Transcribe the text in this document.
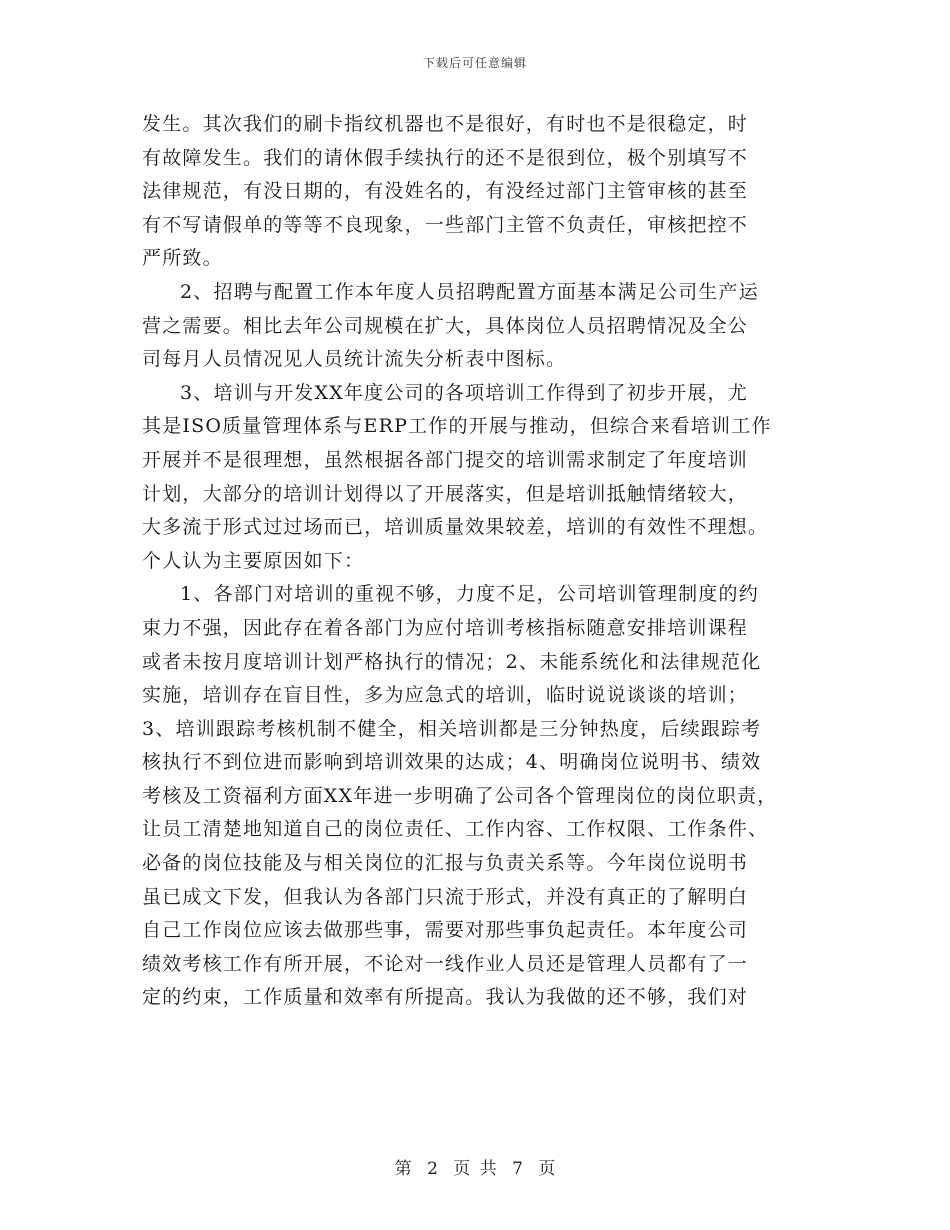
下载后可任意编辑
发生。其次我们的刷卡指纹机器也不是很好，有时也不是很稳定，时
有故障发生。我们的请休假手续执行的还不是很到位，极个别填写不
法律规范，有没日期的，有没姓名的，有没经过部门主管审核的甚至
有不写请假单的等等不良现象，一些部门主管不负责任，审核把控不
严所致。
2、招聘与配置工作本年度人员招聘配置方面基本满足公司生产运
营之需要。相比去年公司规模在扩大，具体岗位人员招聘情况及全公
司每月人员情况见人员统计流失分析表中图标。
3、培训与开发XX年度公司的各项培训工作得到了初步开展，尤
其是ISO质量管理体系与ERP工作的开展与推动，但综合来看培训工作
开展并不是很理想，虽然根据各部门提交的培训需求制定了年度培训
计划，大部分的培训计划得以了开展落实，但是培训抵触情绪较大，
大多流于形式过过场而已，培训质量效果较差，培训的有效性不理想。
个人认为主要原因如下：
1、各部门对培训的重视不够，力度不足，公司培训管理制度的约
束力不强，因此存在着各部门为应付培训考核指标随意安排培训课程
或者未按月度培训计划严格执行的情况；2、未能系统化和法律规范化
实施，培训存在盲目性，多为应急式的培训，临时说说谈谈的培训；
3、培训跟踪考核机制不健全，相关培训都是三分钟热度，后续跟踪考
核执行不到位进而影响到培训效果的达成；4、明确岗位说明书、绩效
考核及工资福利方面XX年进一步明确了公司各个管理岗位的岗位职责，
让员工清楚地知道自己的岗位责任、工作内容、工作权限、工作条件、
必备的岗位技能及与相关岗位的汇报与负责关系等。今年岗位说明书
虽已成文下发，但我认为各部门只流于形式，并没有真正的了解明白
自己工作岗位应该去做那些事，需要对那些事负起责任。本年度公司
绩效考核工作有所开展，不论对一线作业人员还是管理人员都有了一
定的约束，工作质量和效率有所提高。我认为我做的还不够，我们对
第 2 页 共 7 页
